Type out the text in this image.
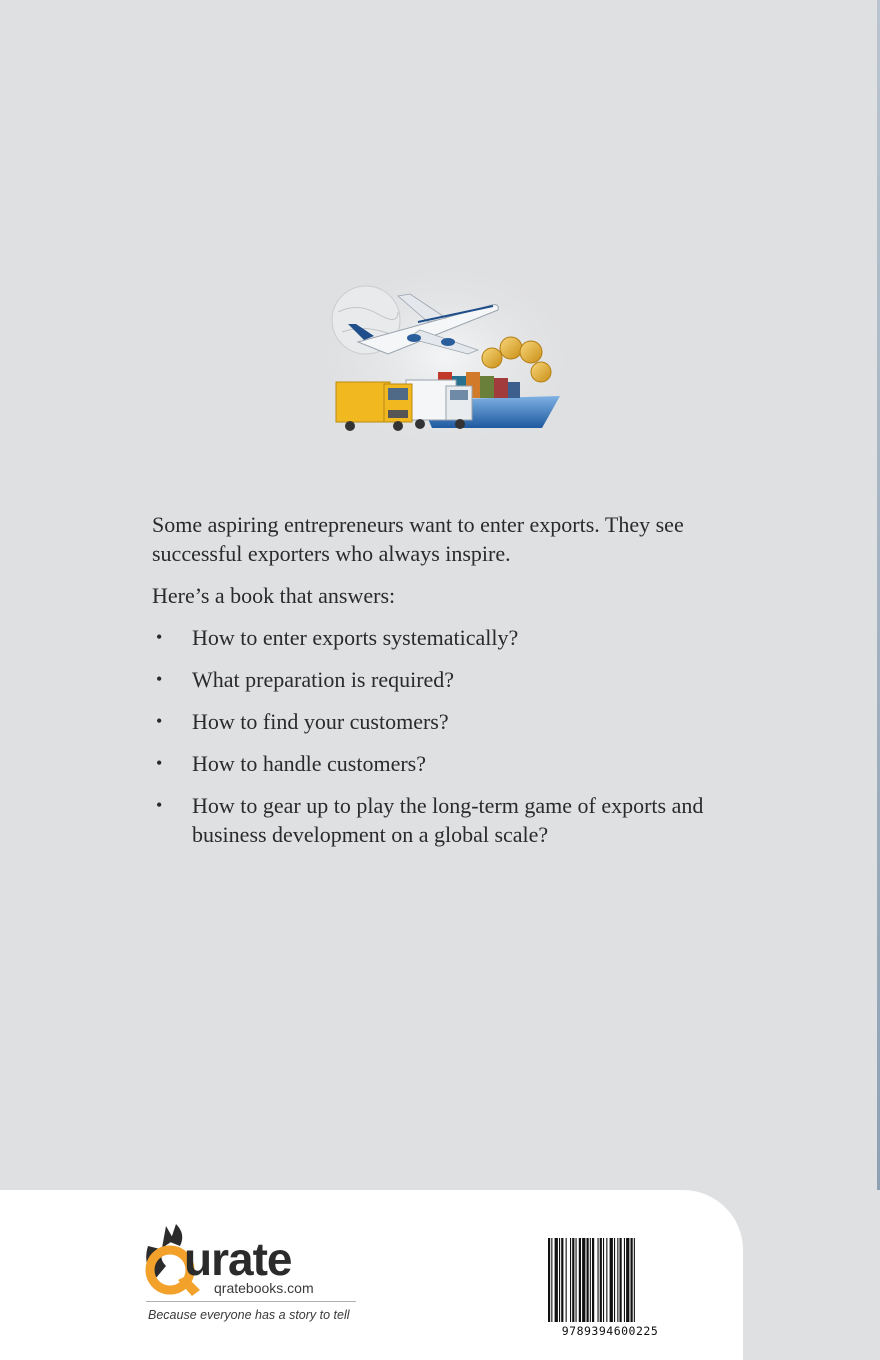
Some aspiring entrepreneurs want to enter exports. They see successful exporters who always inspire.

Here’s a book that answers:

• How to enter exports systematically?
• What preparation is required?
• How to find your customers?
• How to handle customers?
• How to gear up to play the long-term game of exports and business development on a global scale?
urate
qratebooks.com
Because everyone has a story to tell
9789394600225
